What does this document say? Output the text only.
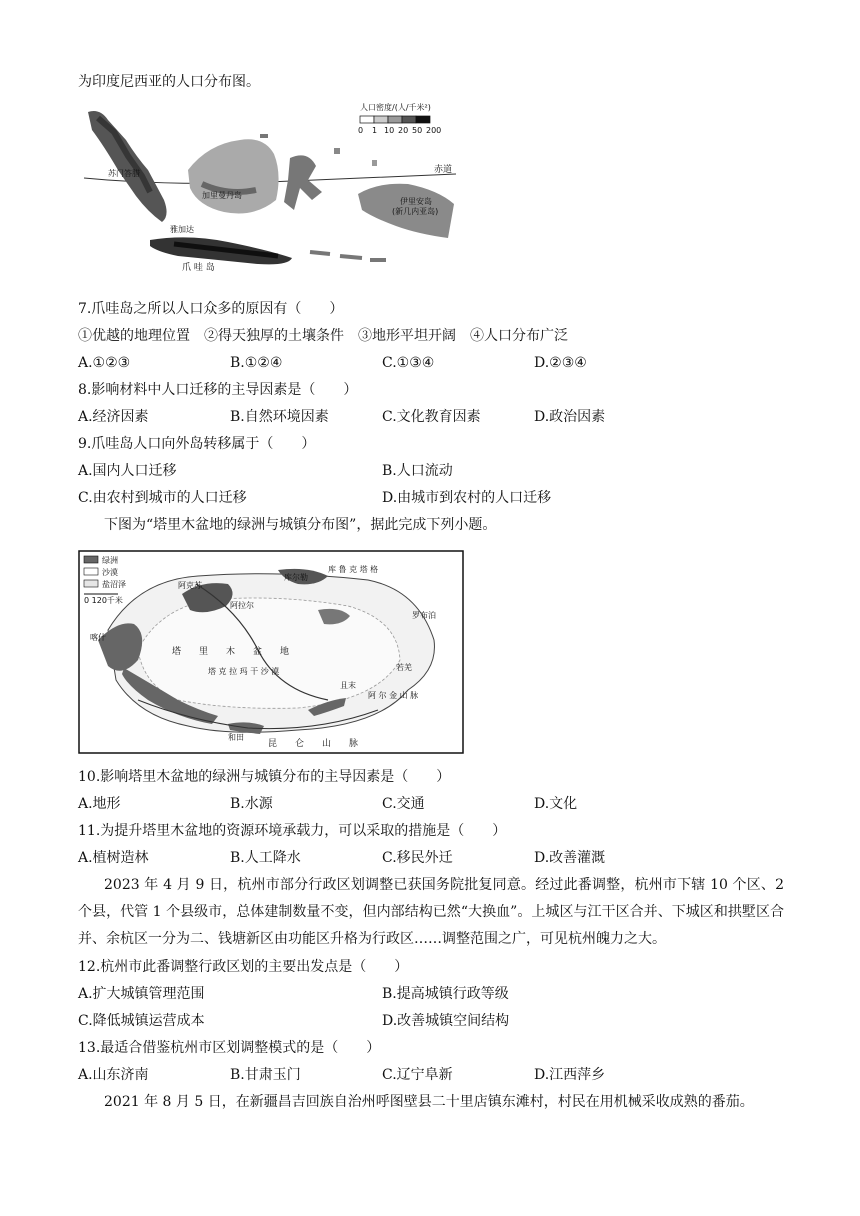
为印度尼西亚的人口分布图。
人口密度/(人/千米²)
0 1 10 20 50 200
赤道
苏门答腊
加里曼丹岛
雅加达
爪 哇 岛
伊里安岛
(新几内亚岛)
7.爪哇岛之所以人口众多的原因有（　　）
①优越的地理位置　②得天独厚的土壤条件　③地形平坦开阔　④人口分布广泛
A.①②③	B.①②④	C.①③④	D.②③④
8.影响材料中人口迁移的主导因素是（　　）
A.经济因素	B.自然环境因素	C.文化教育因素	D.政治因素
9.爪哇岛人口向外岛转移属于（　　）
A.国内人口迁移	B.人口流动
C.由农村到城市的人口迁移	D.由城市到农村的人口迁移
下图为“塔里木盆地的绿洲与城镇分布图”，据此完成下列小题。
绿洲
沙漠
盐沼泽
0 120千米
塔　　里　　木　　盆　　地
塔 克 拉 玛 干 沙 漠
昆　　仑　　山　　脉
阿 尔 金 山 脉
库 鲁 克 塔 格
阿克苏
阿拉尔
喀什
和田
且末
若羌
罗布泊
库尔勒
10.影响塔里木盆地的绿洲与城镇分布的主导因素是（　　）
A.地形	B.水源	C.交通	D.文化
11.为提升塔里木盆地的资源环境承载力，可以采取的措施是（　　）
A.植树造林	B.人工降水	C.移民外迁	D.改善灌溉
2023 年 4 月 9 日，杭州市部分行政区划调整已获国务院批复同意。经过此番调整，杭州市下辖 10 个区、2 个县，代管 1 个县级市，总体建制数量不变，但内部结构已然“大换血”。上城区与江干区合并、下城区和拱墅区合并、余杭区一分为二、钱塘新区由功能区升格为行政区……调整范围之广，可见杭州魄力之大。
12.杭州市此番调整行政区划的主要出发点是（　　）
A.扩大城镇管理范围	B.提高城镇行政等级
C.降低城镇运营成本	D.改善城镇空间结构
13.最适合借鉴杭州市区划调整模式的是（　　）
A.山东济南	B.甘肃玉门	C.辽宁阜新	D.江西萍乡
2021 年 8 月 5 日，在新疆昌吉回族自治州呼图壁县二十里店镇东滩村，村民在用机械采收成熟的番茄。
